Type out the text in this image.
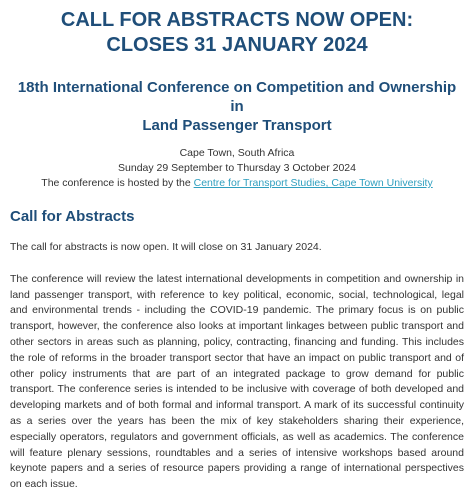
CALL FOR ABSTRACTS NOW OPEN:
CLOSES 31 JANUARY 2024
18th International Conference on Competition and Ownership in
Land Passenger Transport
Cape Town, South Africa
Sunday 29 September to Thursday 3 October 2024
The conference is hosted by the Centre for Transport Studies, Cape Town University
Call for Abstracts

The call for abstracts is now open. It will close on 31 January 2024.

The conference will review the latest international developments in competition and ownership in land passenger transport, with reference to key political, economic, social, technological, legal and environmental trends - including the COVID-19 pandemic. The primary focus is on public transport, however, the conference also looks at important linkages between public transport and other sectors in areas such as planning, policy, contracting, financing and funding. This includes the role of reforms in the broader transport sector that have an impact on public transport and of other policy instruments that are part of an integrated package to grow demand for public transport. The conference series is intended to be inclusive with coverage of both developed and developing markets and of both formal and informal transport. A mark of its successful continuity as a series over the years has been the mix of key stakeholders sharing their experience, especially operators, regulators and government officials, as well as academics. The conference will feature plenary sessions, roundtables and a series of intensive workshops based around keynote papers and a series of resource papers providing a range of international perspectives on each issue.
